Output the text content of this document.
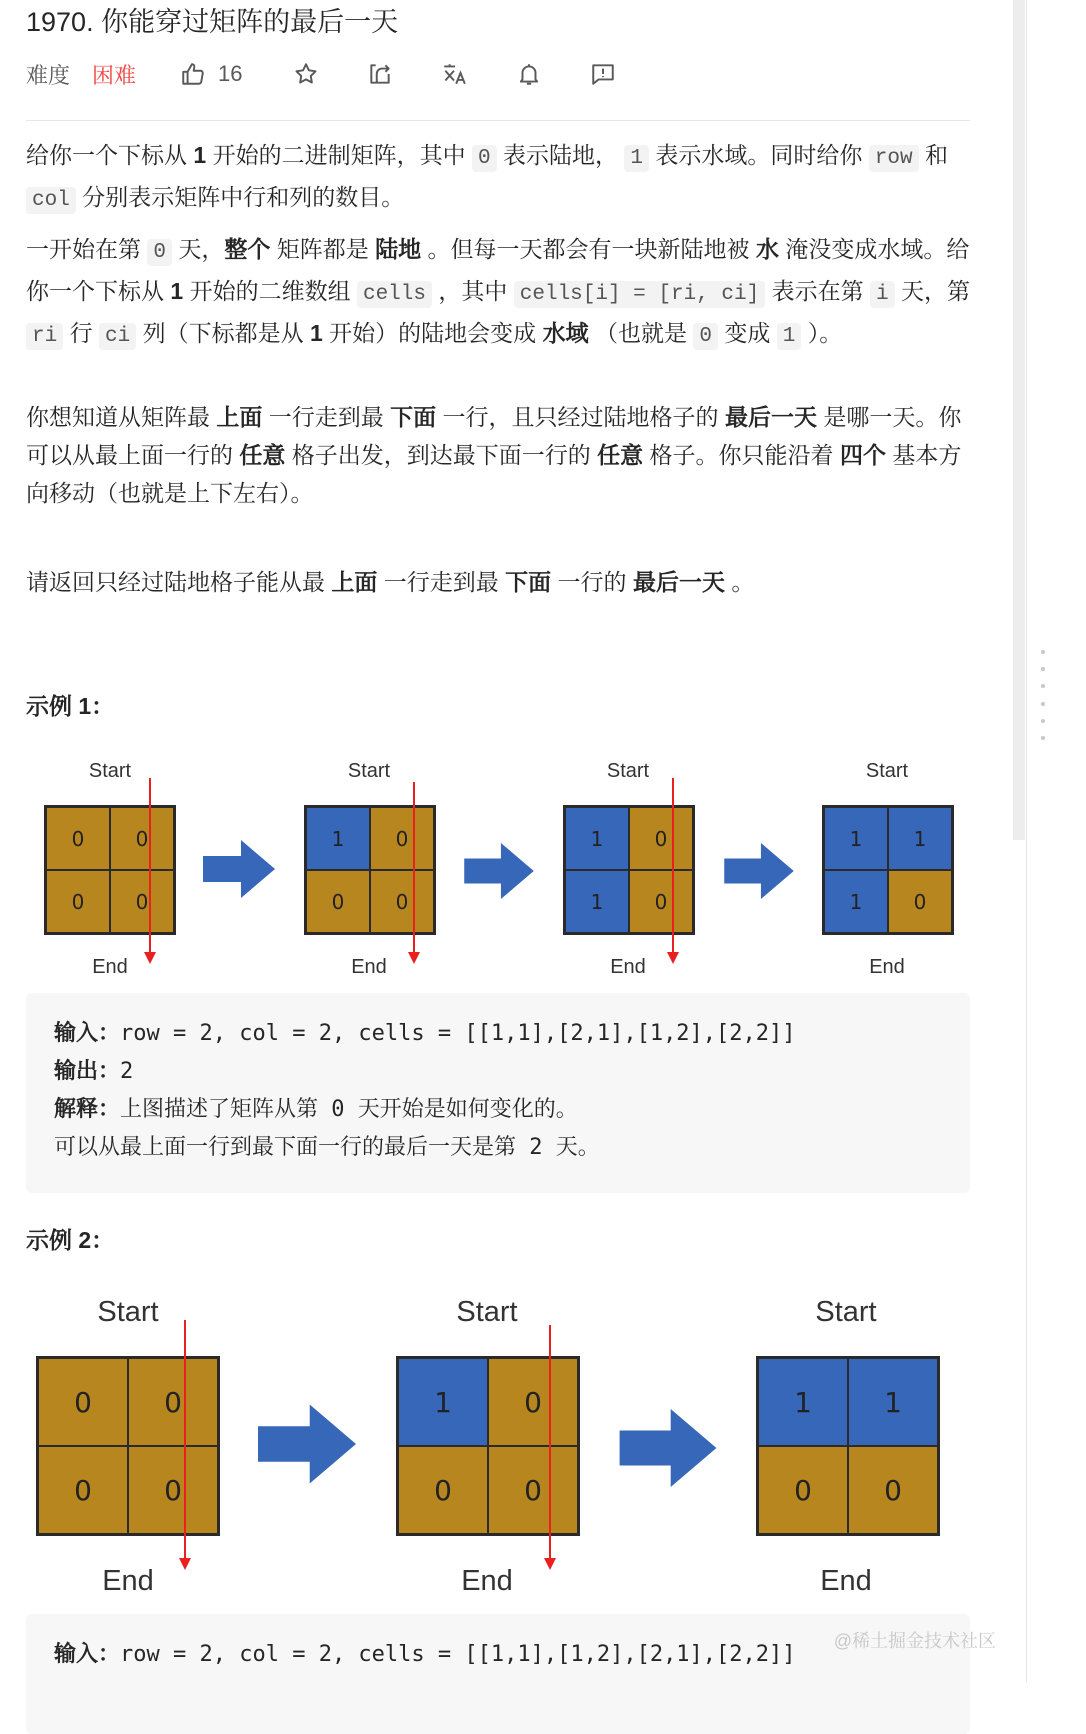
1970. 你能穿过矩阵的最后一天
难度 困难	16
给你一个下标从 1 开始的二进制矩阵，其中 0 表示陆地， 1 表示水域。同时给你 row 和 col 分别表示矩阵中行和列的数目。
一开始在第 0 天，整个 矩阵都是 陆地 。但每一天都会有一块新陆地被 水 淹没变成水域。给你一个下标从 1 开始的二维数组 cells ，其中 cells[i] = [ri, ci] 表示在第 i 天，第 ri 行 ci 列（下标都是从 1 开始）的陆地会变成 水域 （也就是 0 变成 1 ）。
你想知道从矩阵最 上面 一行走到最 下面 一行，且只经过陆地格子的 最后一天 是哪一天。你可以从最上面一行的 任意 格子出发，到达最下面一行的 任意 格子。你只能沿着 四个 基本方向移动（也就是上下左右）。
请返回只经过陆地格子能从最 上面 一行走到最 下面 一行的 最后一天 。
示例 1：
Start
0	0
0	0
End
Start
1	0
0	0
End
Start
1	0
1	0
End
Start
1	1
1	0
End
输入：row = 2, col = 2, cells = [[1,1],[2,1],[1,2],[2,2]]
输出：2
解释：上图描述了矩阵从第 0 天开始是如何变化的。
可以从最上面一行到最下面一行的最后一天是第 2 天。
示例 2：
Start
0	0
0	0
End
Start
1	0
0	0
End
Start
1	1
0	0
End
输入：row = 2, col = 2, cells = [[1,1],[1,2],[2,1],[2,2]]
@稀土掘金技术社区
